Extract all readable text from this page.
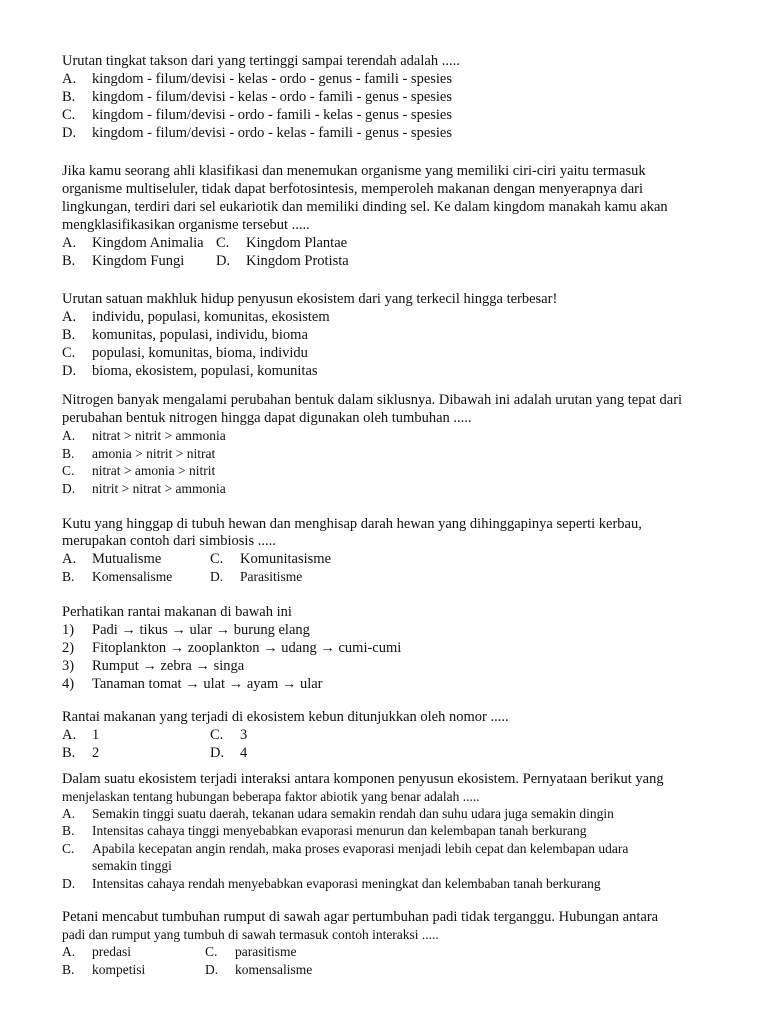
Urutan tingkat takson dari yang tertinggi sampai terendah adalah .....
A. kingdom - filum/devisi - kelas - ordo - genus - famili - spesies
B. kingdom - filum/devisi - kelas - ordo - famili - genus - spesies
C. kingdom - filum/devisi - ordo - famili - kelas - genus - spesies
D. kingdom - filum/devisi - ordo - kelas - famili - genus - spesies
Jika kamu seorang ahli klasifikasi dan menemukan organisme yang memiliki ciri-ciri yaitu termasuk
organisme multiseluler, tidak dapat berfotosintesis, memperoleh makanan dengan menyerapnya dari
lingkungan, terdiri dari sel eukariotik dan memiliki dinding sel. Ke dalam kingdom manakah kamu akan
mengklasifikasikan organisme tersebut .....
A. Kingdom Animalia C. Kingdom Plantae
B. Kingdom Fungi D. Kingdom Protista
Urutan satuan makhluk hidup penyusun ekosistem dari yang terkecil hingga terbesar!
A. individu, populasi, komunitas, ekosistem
B. komunitas, populasi, individu, bioma
C. populasi, komunitas, bioma, individu
D. bioma, ekosistem, populasi, komunitas
Nitrogen banyak mengalami perubahan bentuk dalam siklusnya. Dibawah ini adalah urutan yang tepat dari
perubahan bentuk nitrogen hingga dapat digunakan oleh tumbuhan .....
A. nitrat > nitrit > ammonia
B. amonia > nitrit > nitrat
C. nitrat > amonia > nitrit
D. nitrit > nitrat > ammonia
Kutu yang hinggap di tubuh hewan dan menghisap darah hewan yang dihinggapinya seperti kerbau,
merupakan contoh dari simbiosis .....
A. Mutualisme	C. Komunitasisme
B. Komensalisme	D. Parasitisme
Perhatikan rantai makanan di bawah ini
1) Padi → tikus → ular → burung elang
2) Fitoplankton → zooplankton → udang → cumi-cumi
3) Rumput → zebra → singa
4) Tanaman tomat → ulat → ayam → ular
Rantai makanan yang terjadi di ekosistem kebun ditunjukkan oleh nomor .....
A. 1	C. 3
B. 2	D. 4
Dalam suatu ekosistem terjadi interaksi antara komponen penyusun ekosistem. Pernyataan berikut yang
menjelaskan tentang hubungan beberapa faktor abiotik yang benar adalah .....
A. Semakin tinggi suatu daerah, tekanan udara semakin rendah dan suhu udara juga semakin dingin
B. Intensitas cahaya tinggi menyebabkan evaporasi menurun dan kelembapan tanah berkurang
C. Apabila kecepatan angin rendah, maka proses evaporasi menjadi lebih cepat dan kelembapan udara
semakin tinggi
D. Intensitas cahaya rendah menyebabkan evaporasi meningkat dan kelembaban tanah berkurang
Petani mencabut tumbuhan rumput di sawah agar pertumbuhan padi tidak terganggu. Hubungan antara
padi dan rumput yang tumbuh di sawah termasuk contoh interaksi .....
A. predasi	C. parasitisme
B. kompetisi	D. komensalisme
